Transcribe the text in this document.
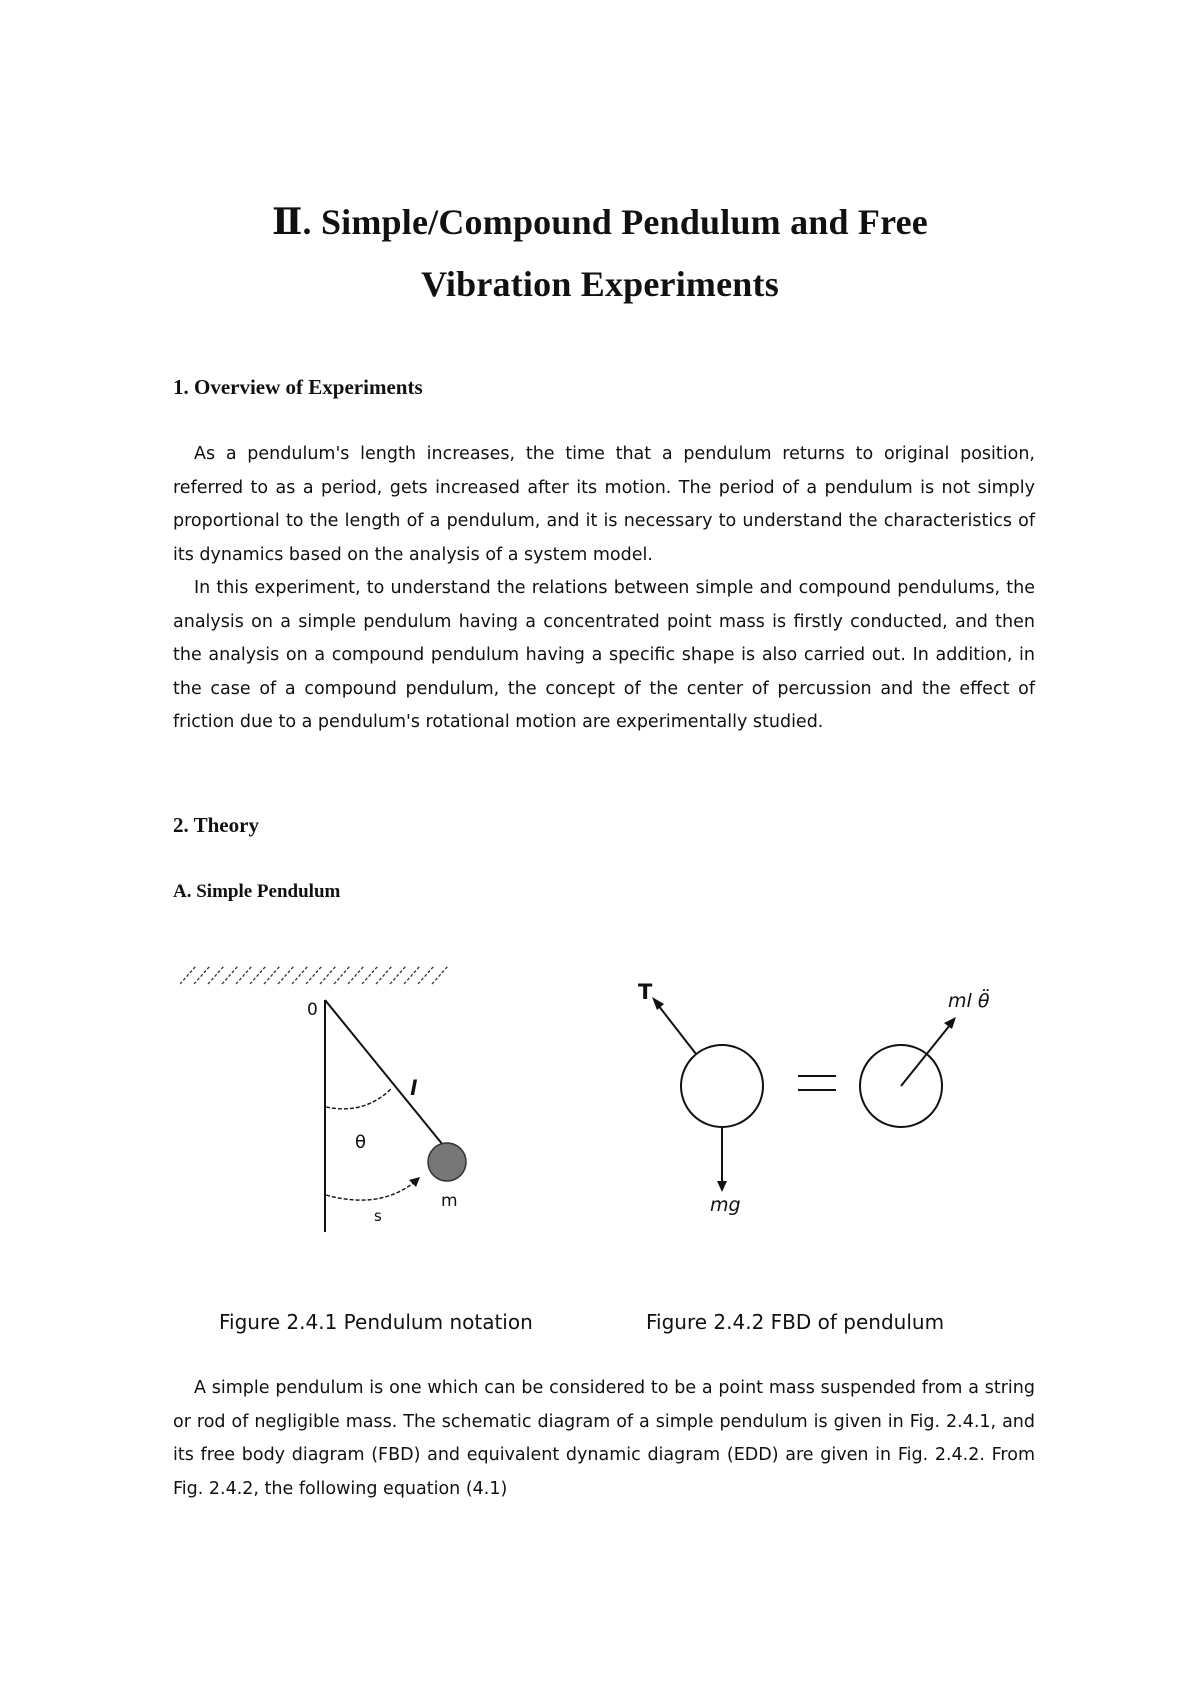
Ⅱ. Simple/Compound Pendulum and Free
Vibration Experiments
1. Overview of Experiments

As a pendulum's length increases, the time that a pendulum returns to original position, referred to as a period, gets increased after its motion. The period of a pendulum is not simply proportional to the length of a pendulum, and it is necessary to understand the characteristics of its dynamics based on the analysis of a system model.

In this experiment, to understand the relations between simple and compound pendulums, the analysis on a simple pendulum having a concentrated point mass is firstly conducted, and then the analysis on a compound pendulum having a specific shape is also carried out. In addition, in the case of a compound pendulum, the concept of the center of percussion and the effect of friction due to a pendulum's rotational motion are experimentally studied.

2. Theory
A. Simple Pendulum
0
l
θ
m
s
T
mg
ml θ̈
Figure 2.4.1 Pendulum notation	Figure 2.4.2 FBD of pendulum

A simple pendulum is one which can be considered to be a point mass suspended from a string or rod of negligible mass. The schematic diagram of a simple pendulum is given in Fig. 2.4.1, and its free body diagram (FBD) and equivalent dynamic diagram (EDD) are given in Fig. 2.4.2. From Fig. 2.4.2, the following equation (4.1)
